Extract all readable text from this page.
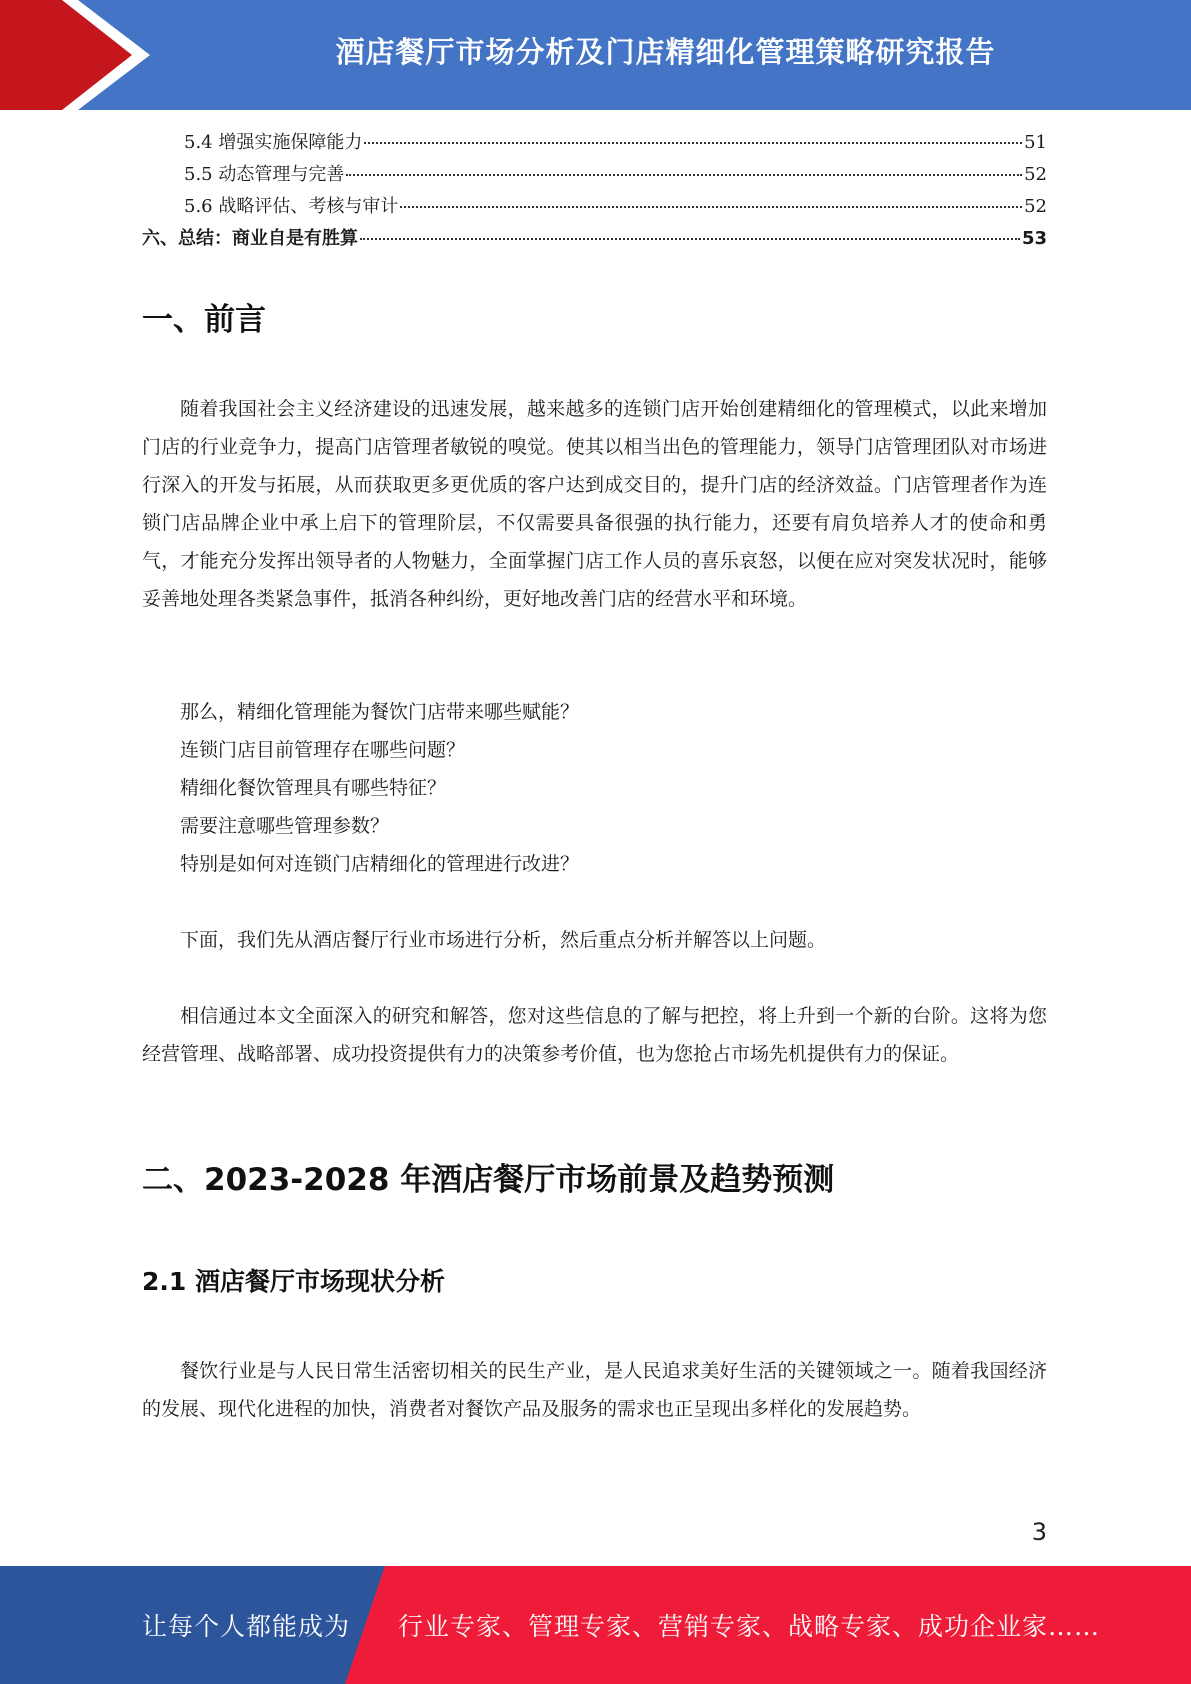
酒店餐厅市场分析及门店精细化管理策略研究报告
5.4 增强实施保障能力	51
5.5 动态管理与完善	52
5.6 战略评估、考核与审计	52
六、总结：商业自是有胜算	53
一、前言

随着我国社会主义经济建设的迅速发展，越来越多的连锁门店开始创建精细化的管理模式，以此来增加门店的行业竞争力，提高门店管理者敏锐的嗅觉。使其以相当出色的管理能力，领导门店管理团队对市场进行深入的开发与拓展，从而获取更多更优质的客户达到成交目的，提升门店的经济效益。门店管理者作为连锁门店品牌企业中承上启下的管理阶层，不仅需要具备很强的执行能力，还要有肩负培养人才的使命和勇气，才能充分发挥出领导者的人物魅力，全面掌握门店工作人员的喜乐哀怒，以便在应对突发状况时，能够妥善地处理各类紧急事件，抵消各种纠纷，更好地改善门店的经营水平和环境。

那么，精细化管理能为餐饮门店带来哪些赋能？
连锁门店目前管理存在哪些问题？
精细化餐饮管理具有哪些特征？
需要注意哪些管理参数？
特别是如何对连锁门店精细化的管理进行改进？

下面，我们先从酒店餐厅行业市场进行分析，然后重点分析并解答以上问题。

相信通过本文全面深入的研究和解答，您对这些信息的了解与把控，将上升到一个新的台阶。这将为您经营管理、战略部署、成功投资提供有力的决策参考价值，也为您抢占市场先机提供有力的保证。

二、2023-2028 年酒店餐厅市场前景及趋势预测
2.1 酒店餐厅市场现状分析

餐饮行业是与人民日常生活密切相关的民生产业，是人民追求美好生活的关键领域之一。随着我国经济的发展、现代化进程的加快，消费者对餐饮产品及服务的需求也正呈现出多样化的发展趋势。

3
让每个人都能成为 行业专家、管理专家、营销专家、战略专家、成功企业家……
